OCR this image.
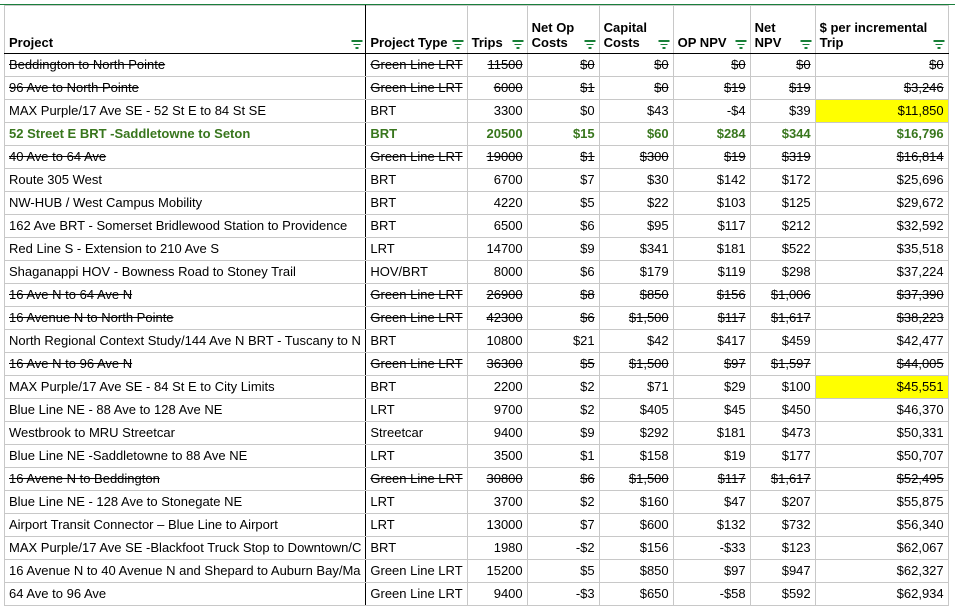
Project	Project Type	Trips	Net Op Costs	Capital Costs	OP NPV	Net NPV	$ per incremental Trip

Beddington to North Pointe	Green Line LRT	11500	$0	$0	$0	$0	$0
96 Ave to North Pointe	Green Line LRT	6000	$1	$0	$19	$19	$3,246
MAX Purple/17 Ave SE - 52 St E to 84 St SE	BRT	3300	$0	$43	-$4	$39	$11,850
52 Street E BRT -Saddletowne to Seton	BRT	20500	$15	$60	$284	$344	$16,796
40 Ave to 64 Ave	Green Line LRT	19000	$1	$300	$19	$319	$16,814
Route 305 West	BRT	6700	$7	$30	$142	$172	$25,696
NW-HUB / West Campus Mobility	BRT	4220	$5	$22	$103	$125	$29,672
162 Ave BRT - Somerset Bridlewood Station to Providence	BRT	6500	$6	$95	$117	$212	$32,592
Red Line S - Extension to 210 Ave S	LRT	14700	$9	$341	$181	$522	$35,518
Shaganappi HOV - Bowness Road to Stoney Trail	HOV/BRT	8000	$6	$179	$119	$298	$37,224
16 Ave N to 64 Ave N	Green Line LRT	26900	$8	$850	$156	$1,006	$37,390
16 Avenue N to North Pointe	Green Line LRT	42300	$6	$1,500	$117	$1,617	$38,223
North Regional Context Study/144 Ave N BRT - Tuscany to N	BRT	10800	$21	$42	$417	$459	$42,477
16 Ave N to 96 Ave N	Green Line LRT	36300	$5	$1,500	$97	$1,597	$44,005
MAX Purple/17 Ave SE - 84 St E to City Limits	BRT	2200	$2	$71	$29	$100	$45,551
Blue Line NE - 88 Ave to 128 Ave NE	LRT	9700	$2	$405	$45	$450	$46,370
Westbrook to MRU Streetcar	Streetcar	9400	$9	$292	$181	$473	$50,331
Blue Line NE -Saddletowne to 88 Ave NE	LRT	3500	$1	$158	$19	$177	$50,707
16 Avene N to Beddington	Green Line LRT	30800	$6	$1,500	$117	$1,617	$52,495
Blue Line NE - 128 Ave to Stonegate NE	LRT	3700	$2	$160	$47	$207	$55,875
Airport Transit Connector – Blue Line to Airport	LRT	13000	$7	$600	$132	$732	$56,340
MAX Purple/17 Ave SE -Blackfoot Truck Stop to Downtown/C	BRT	1980	-$2	$156	-$33	$123	$62,067
16 Avenue N to 40 Avenue N and Shepard to Auburn Bay/Ma	Green Line LRT	15200	$5	$850	$97	$947	$62,327
64 Ave to 96 Ave	Green Line LRT	9400	-$3	$650	-$58	$592	$62,934
